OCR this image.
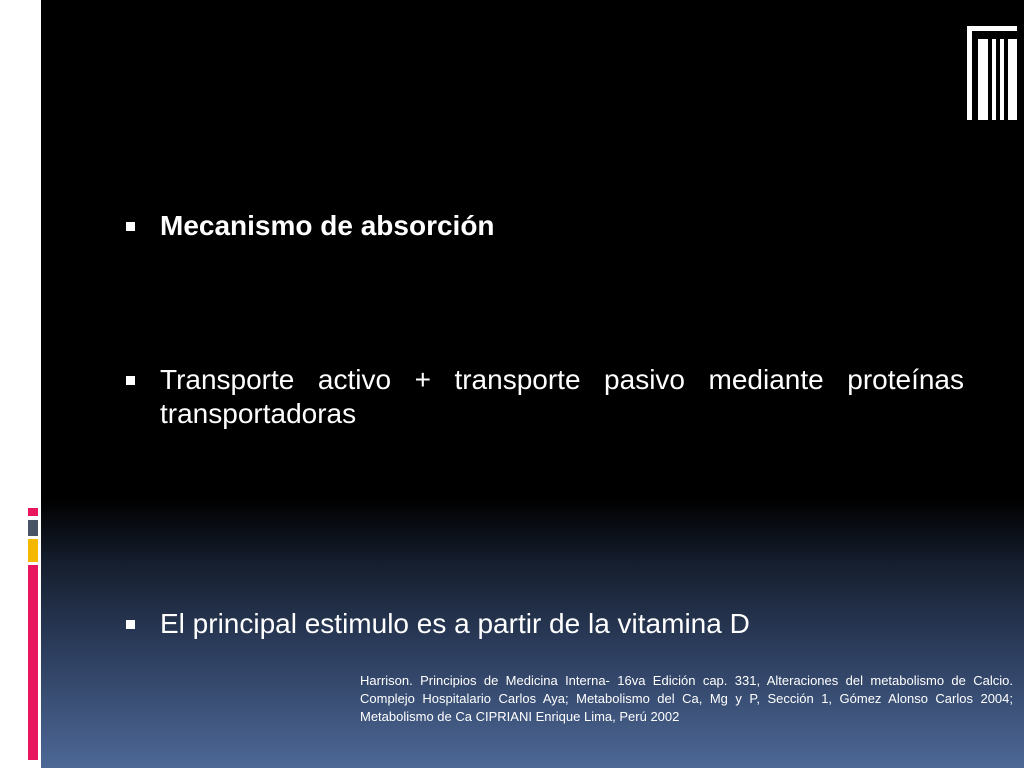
Mecanismo de absorción
Transporte activo + transporte pasivo mediante proteínas transportadoras
El principal estimulo es a partir de la vitamina D
Harrison. Principios de Medicina Interna- 16va Edición cap. 331, Alteraciones del metabolismo de Calcio. Complejo Hospitalario Carlos Aya; Metabolismo del Ca, Mg y P, Sección 1, Gómez Alonso Carlos 2004; Metabolismo de Ca CIPRIANI Enrique Lima, Perú 2002
